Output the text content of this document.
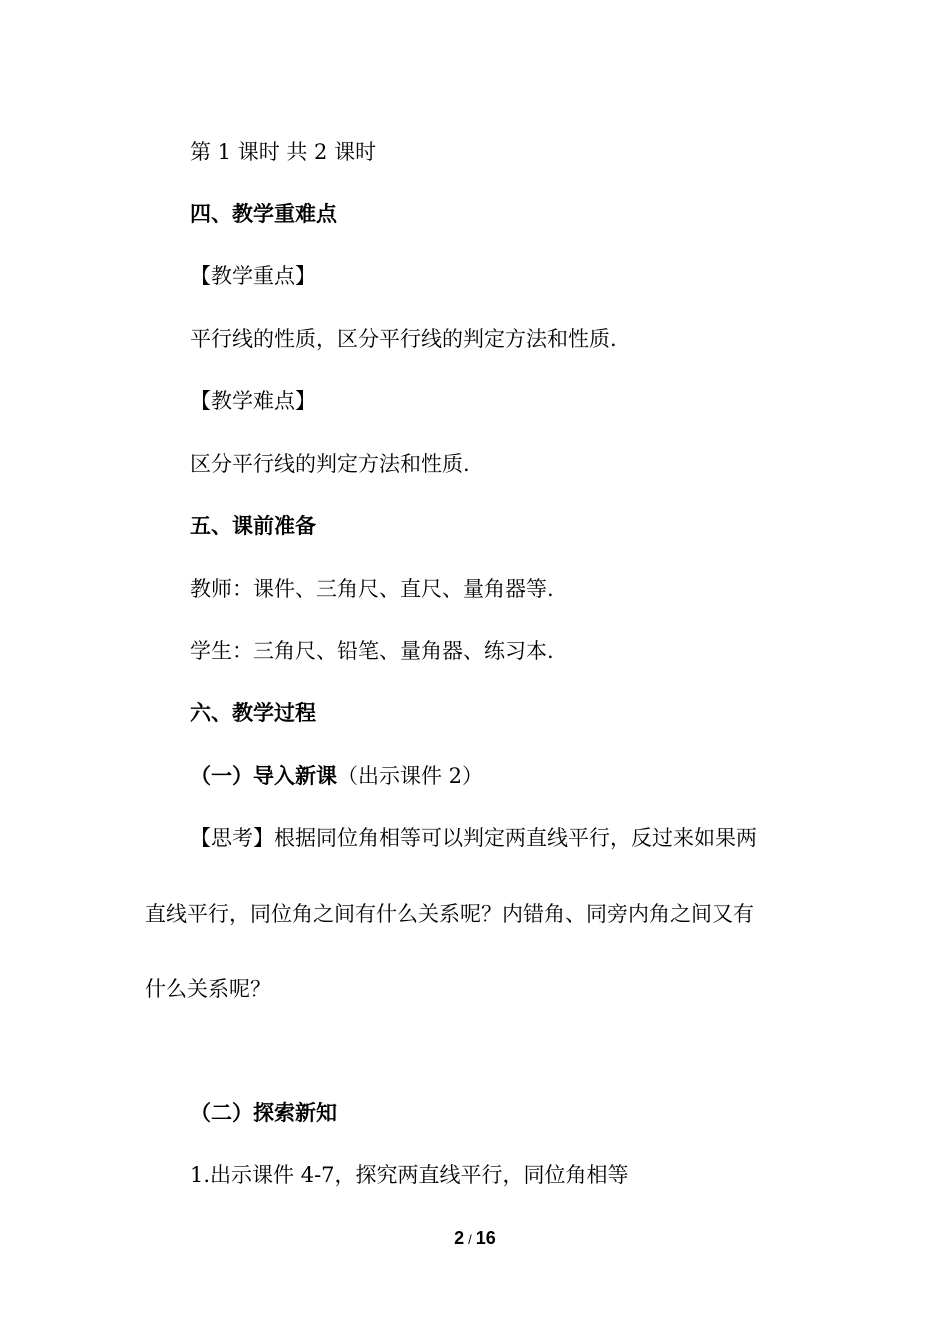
第 1 课时 共 2 课时
四、教学重难点
【教学重点】
平行线的性质，区分平行线的判定方法和性质.
【教学难点】
区分平行线的判定方法和性质.
五、课前准备
教师：课件、三角尺、直尺、量角器等.
学生：三角尺、铅笔、量角器、练习本.
六、教学过程
（一）导入新课（出示课件 2）
【思考】根据同位角相等可以判定两直线平行，反过来如果两
直线平行，同位角之间有什么关系呢？内错角、同旁内角之间又有
什么关系呢？
（二）探索新知
1.出示课件 4-7，探究两直线平行，同位角相等
2 / 16
